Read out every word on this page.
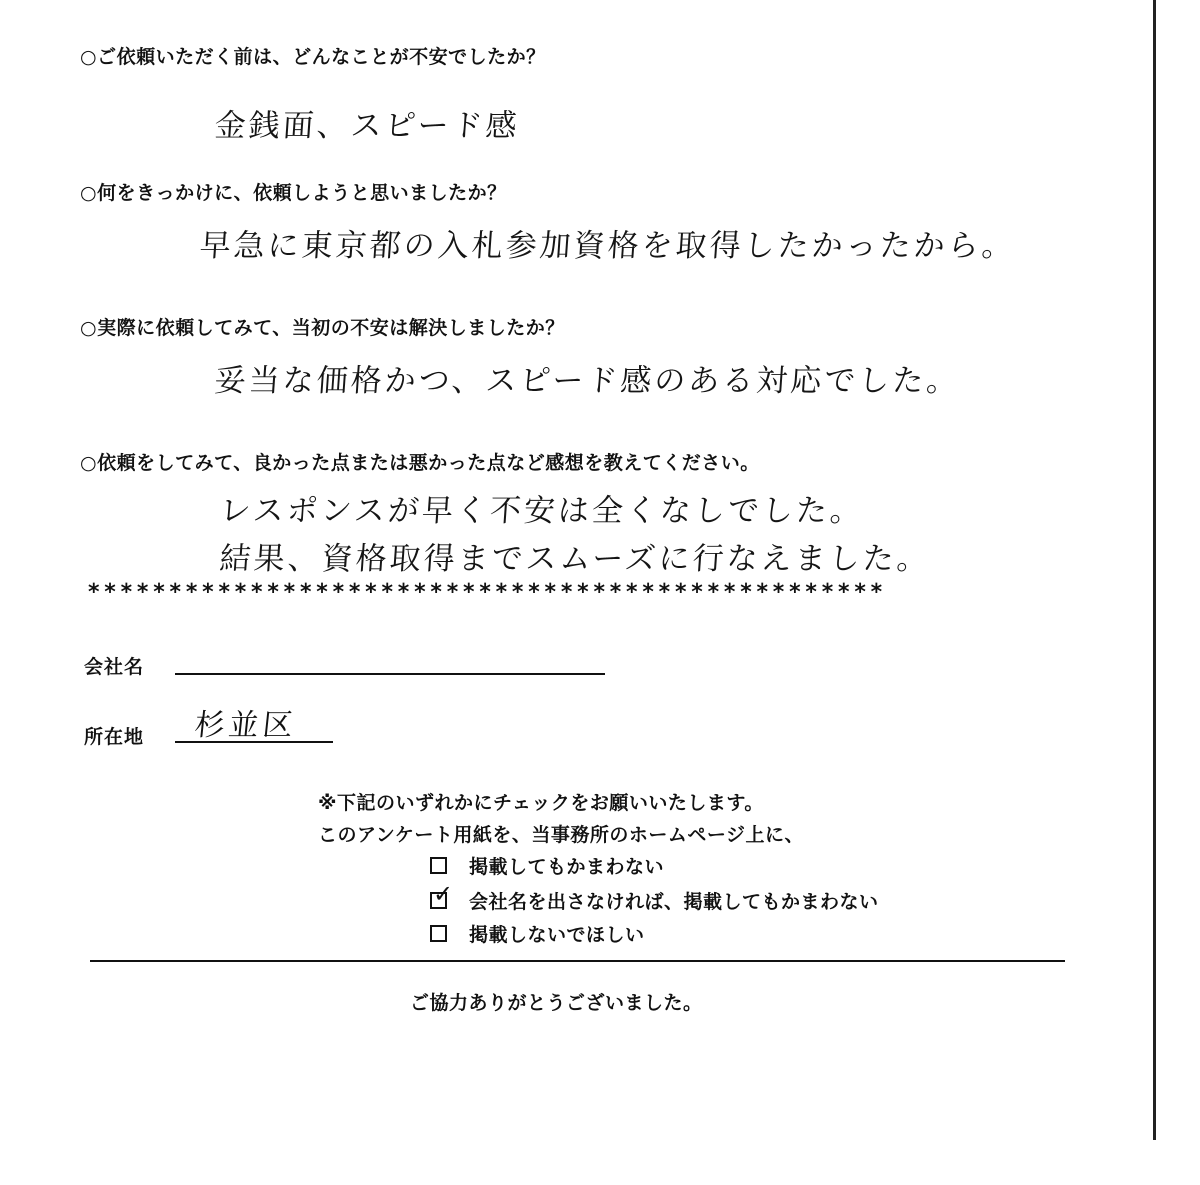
○ご依頼いただく前は、どんなことが不安でしたか？
金銭面、スピード感
○何をきっかけに、依頼しようと思いましたか？
早急に東京都の入札参加資格を取得したかったから。
○実際に依頼してみて、当初の不安は解決しましたか？
妥当な価格かつ、スピード感のある対応でした。
○依頼をしてみて、良かった点または悪かった点など感想を教えてください。
レスポンスが早く不安は全くなしでした。
結果、資格取得までスムーズに行なえました。
*************************************************
会社名
所在地 杉並区
※下記のいずれかにチェックをお願いいたします。
このアンケート用紙を、当事務所のホームページ上に、
掲載してもかまわない
✓ 会社名を出さなければ、掲載してもかまわない
掲載しないでほしい
ご協力ありがとうございました。
